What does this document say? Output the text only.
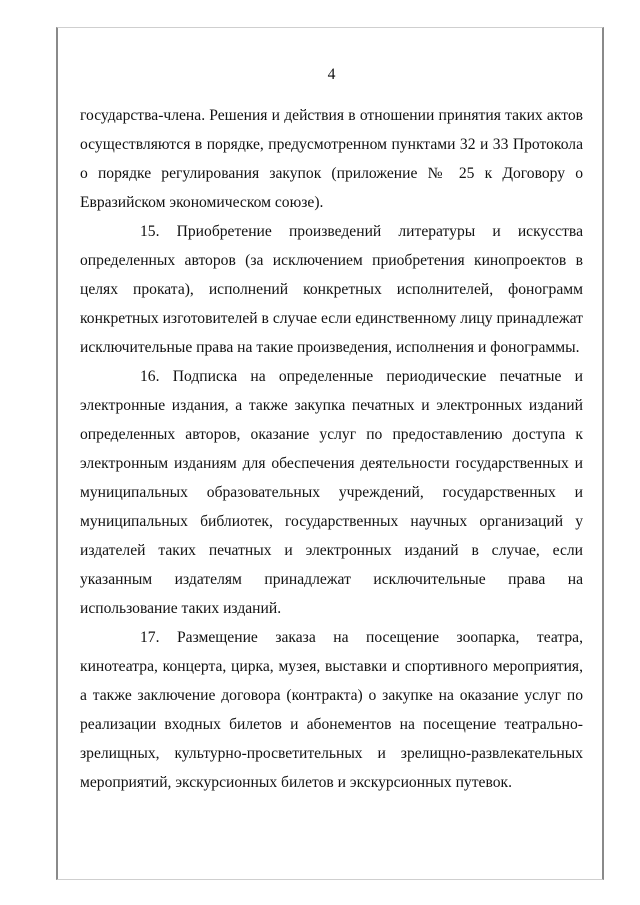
4

государства-члена. Решения и действия в отношении принятия таких актов осуществляются в порядке, предусмотренном пунктами 32 и 33 Протокола о порядке регулирования закупок (приложение № 25 к Договору о Евразийском экономическом союзе).

15. Приобретение произведений литературы и искусства определенных авторов (за исключением приобретения кинопроектов в целях проката), исполнений конкретных исполнителей, фонограмм конкретных изготовителей в случае если единственному лицу принадлежат исключительные права на такие произведения, исполнения и фонограммы.

16. Подписка на определенные периодические печатные и электронные издания, а также закупка печатных и электронных изданий определенных авторов, оказание услуг по предоставлению доступа к электронным изданиям для обеспечения деятельности государственных и муниципальных образовательных учреждений, государственных и муниципальных библиотек, государственных научных организаций у издателей таких печатных и электронных изданий в случае, если указанным издателям принадлежат исключительные права на использование таких изданий.

17. Размещение заказа на посещение зоопарка, театра, кинотеатра, концерта, цирка, музея, выставки и спортивного мероприятия, а также заключение договора (контракта) о закупке на оказание услуг по реализации входных билетов и абонементов на посещение театрально-зрелищных, культурно-просветительных и зрелищно-развлекательных мероприятий, экскурсионных билетов и экскурсионных путевок.
